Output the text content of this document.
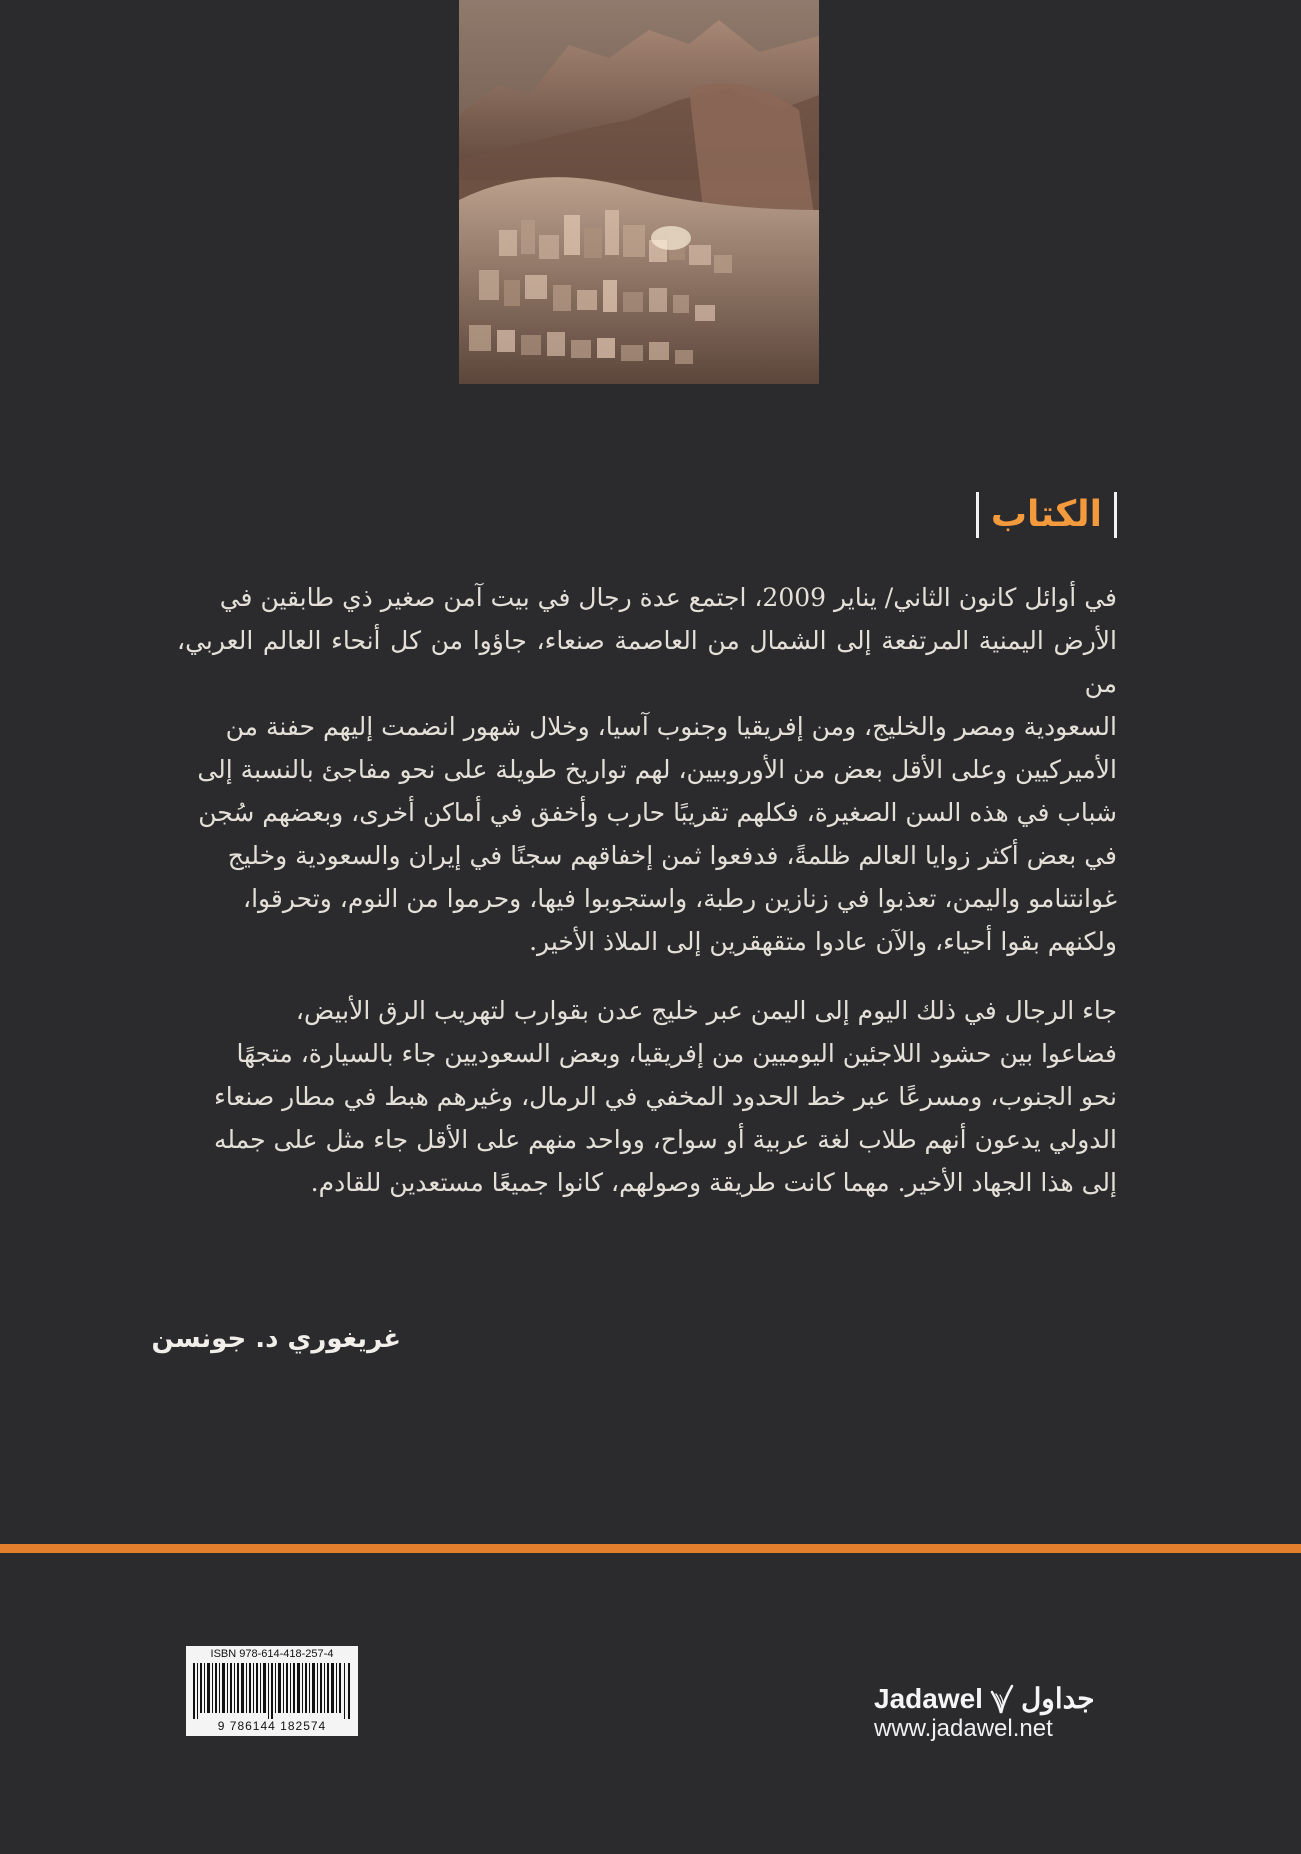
الكتاب

في أوائل كانون الثاني/ يناير 2009، اجتمع عدة رجال في بيت آمن صغير ذي طابقين في

الأرض اليمنية المرتفعة إلى الشمال من العاصمة صنعاء، جاؤوا من كل أنحاء العالم العربي، من

السعودية ومصر والخليج، ومن إفريقيا وجنوب آسيا، وخلال شهور انضمت إليهم حفنة من

الأميركيين وعلى الأقل بعض من الأوروبيين، لهم تواريخ طويلة على نحو مفاجئ بالنسبة إلى

شباب في هذه السن الصغيرة، فكلهم تقريبًا حارب وأخفق في أماكن أخرى، وبعضهم سُجن

في بعض أكثر زوايا العالم ظلمةً، فدفعوا ثمن إخفاقهم سجنًا في إيران والسعودية وخليج

غوانتنامو واليمن، تعذبوا في زنازين رطبة، واستجوبوا فيها، وحرموا من النوم، وتحرقوا،

ولكنهم بقوا أحياء، والآن عادوا متقهقرين إلى الملاذ الأخير.

جاء الرجال في ذلك اليوم إلى اليمن عبر خليج عدن بقوارب لتهريب الرق الأبيض،

فضاعوا بين حشود اللاجئين اليوميين من إفريقيا، وبعض السعوديين جاء بالسيارة، متجهًا

نحو الجنوب، ومسرعًا عبر خط الحدود المخفي في الرمال، وغيرهم هبط في مطار صنعاء

الدولي يدعون أنهم طلاب لغة عربية أو سواح، وواحد منهم على الأقل جاء مثل على جمله

إلى هذا الجهاد الأخير. مهما كانت طريقة وصولهم، كانوا جميعًا مستعدين للقادم.

غريغوري د. جونسن
ISBN 978-614-418-257-4
9 786144 182574
Jadawel جداول
www.jadawel.net
